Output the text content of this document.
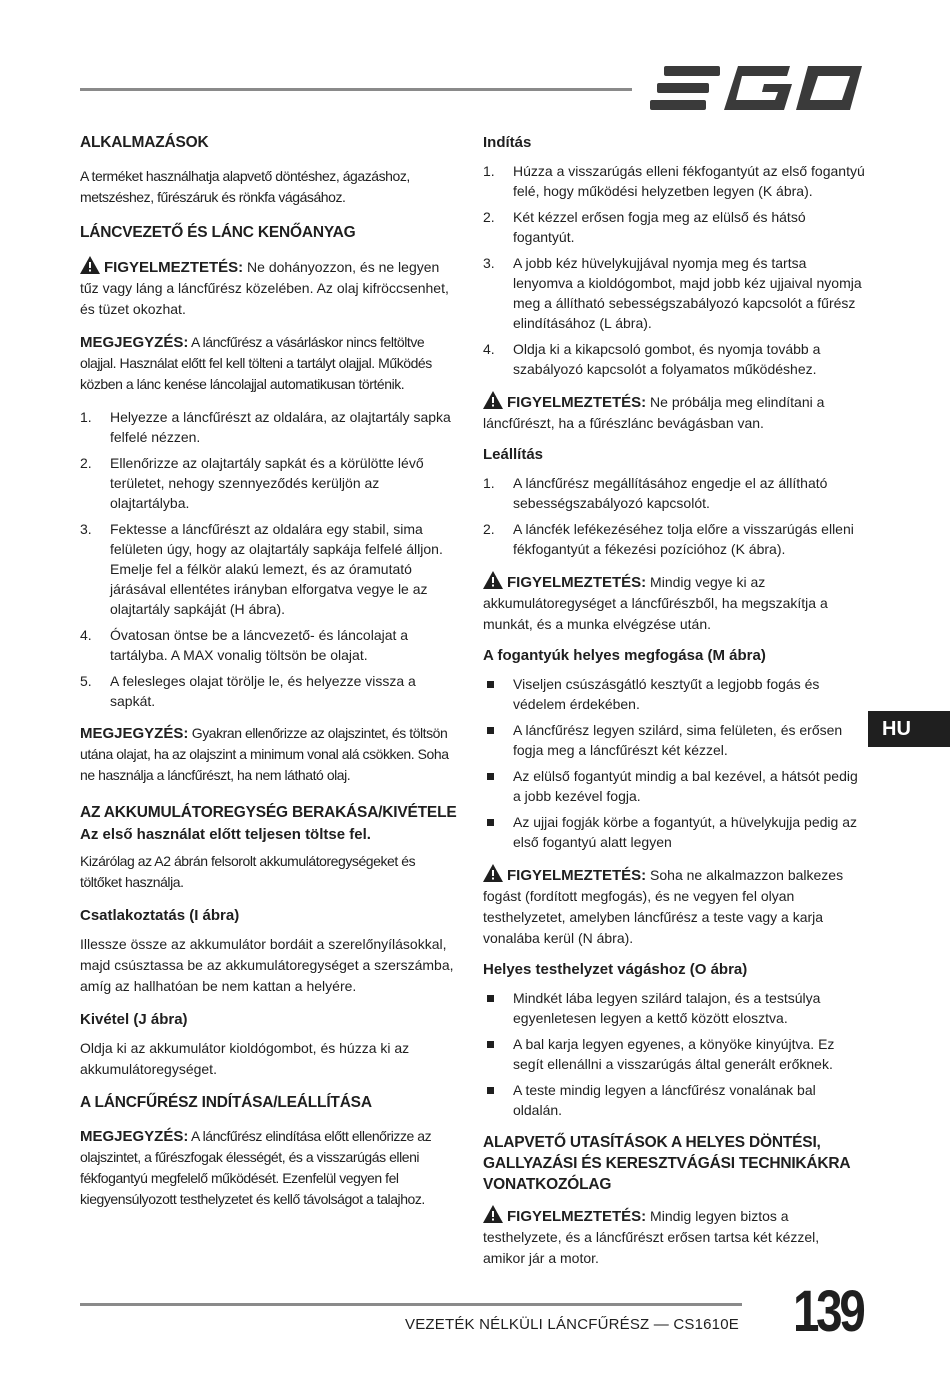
ALKALMAZÁSOK

A terméket használhatja alapvető döntéshez, ágazáshoz, metszéshez, fűrészáruk és rönkfa vágásához.

LÁNCVEZETŐ ÉS LÁNC KENŐANYAG

FIGYELMEZTETÉS: Ne dohányozzon, és ne legyen tűz vagy láng a láncfűrész közelében. Az olaj kifröccsenhet, és tüzet okozhat.

MEGJEGYZÉS: A láncfűrész a vásárláskor nincs feltöltve olajjal. Használat előtt fel kell tölteni a tartályt olajjal. Működés közben a lánc kenése láncolajjal automatikusan történik.

1. Helyezze a láncfűrészt az oldalára, az olajtartály sapka felfelé nézzen.
2. Ellenőrizze az olajtartály sapkát és a körülötte lévő területet, nehogy szennyeződés kerüljön az olajtartályba.
3. Fektesse a láncfűrészt az oldalára egy stabil, sima felületen úgy, hogy az olajtartály sapkája felfelé álljon. Emelje fel a félkör alakú lemezt, és az óramutató járásával ellentétes irányban elforgatva vegye le az olajtartály sapkáját (H ábra).
4. Óvatosan öntse be a láncvezető- és láncolajat a tartályba. A MAX vonalig töltsön be olajat.
5. A felesleges olajat törölje le, és helyezze vissza a sapkát.

MEGJEGYZÉS: Gyakran ellenőrizze az olajszintet, és töltsön utána olajat, ha az olajszint a minimum vonal alá csökken. Soha ne használja a láncfűrészt, ha nem látható olaj.

AZ AKKUMULÁTOREGYSÉG BERAKÁSA/KIVÉTELE
Az első használat előtt teljesen töltse fel.

Kizárólag az A2 ábrán felsorolt akkumulátoregységeket és töltőket használja.

Csatlakoztatás (I ábra)

Illessze össze az akkumulátor bordáit a szerelőnyílásokkal, majd csúsztassa be az akkumulátoregységet a szerszámba, amíg az hallhatóan be nem kattan a helyére.

Kivétel (J ábra)

Oldja ki az akkumulátor kioldógombot, és húzza ki az akkumulátoregységet.

A LÁNCFŰRÉSZ INDÍTÁSA/LEÁLLÍTÁSA

MEGJEGYZÉS: A láncfűrész elindítása előtt ellenőrizze az olajszintet, a fűrészfogak élességét, és a visszarúgás elleni fékfogantyú megfelelő működését. Ezenfelül vegyen fel kiegyensúlyozott testhelyzetet és kellő távolságot a talajhoz.

Indítás
1. Húzza a visszarúgás elleni fékfogantyút az első fogantyú felé, hogy működési helyzetben legyen (K ábra).
2. Két kézzel erősen fogja meg az elülső és hátsó fogantyút.
3. A jobb kéz hüvelykujjával nyomja meg és tartsa lenyomva a kioldógombot, majd jobb kéz ujjaival nyomja meg a állítható sebességszabályozó kapcsolót a fűrész elindításához (L ábra).
4. Oldja ki a kikapcsoló gombot, és nyomja tovább a szabályozó kapcsolót a folyamatos működéshez.

FIGYELMEZTETÉS: Ne próbálja meg elindítani a láncfűrészt, ha a fűrészlánc bevágásban van.

Leállítás
1. A láncfűrész megállításához engedje el az állítható sebességszabályozó kapcsolót.
2. A láncfék lefékezéséhez tolja előre a visszarúgás elleni fékfogantyút a fékezési pozícióhoz (K ábra).

FIGYELMEZTETÉS: Mindig vegye ki az akkumulátoregységet a láncfűrészből, ha megszakítja a munkát, és a munka elvégzése után.

A fogantyúk helyes megfogása (M ábra)
Viseljen csúszásgátló kesztyűt a legjobb fogás és védelem érdekében.
A láncfűrész legyen szilárd, sima felületen, és erősen fogja meg a láncfűrészt két kézzel.
Az elülső fogantyút mindig a bal kezével, a hátsót pedig a jobb kezével fogja.
Az ujjai fogják körbe a fogantyút, a hüvelykujja pedig az első fogantyú alatt legyen

FIGYELMEZTETÉS: Soha ne alkalmazzon balkezes fogást (fordított megfogás), és ne vegyen fel olyan testhelyzetet, amelyben láncfűrész a teste vagy a karja vonalába kerül (N ábra).

Helyes testhelyzet vágáshoz (O ábra)
Mindkét lába legyen szilárd talajon, és a testsúlya egyenletesen legyen a kettő között elosztva.
A bal karja legyen egyenes, a könyöke kinyújtva. Ez segít ellenállni a visszarúgás által generált erőknek.
A teste mindig legyen a láncfűrész vonalának bal oldalán.
ALAPVETŐ UTASÍTÁSOK A HELYES DÖNTÉSI, GALLYAZÁSI ÉS KERESZTVÁGÁSI TECHNIKÁKRA VONATKOZÓLAG

FIGYELMEZTETÉS: Mindig legyen biztos a testhelyzete, és a láncfűrészt erősen tartsa két kézzel, amikor jár a motor.

HU
VEZETÉK NÉLKÜLI LÁNCFŰRÉSZ — CS1610E 139
